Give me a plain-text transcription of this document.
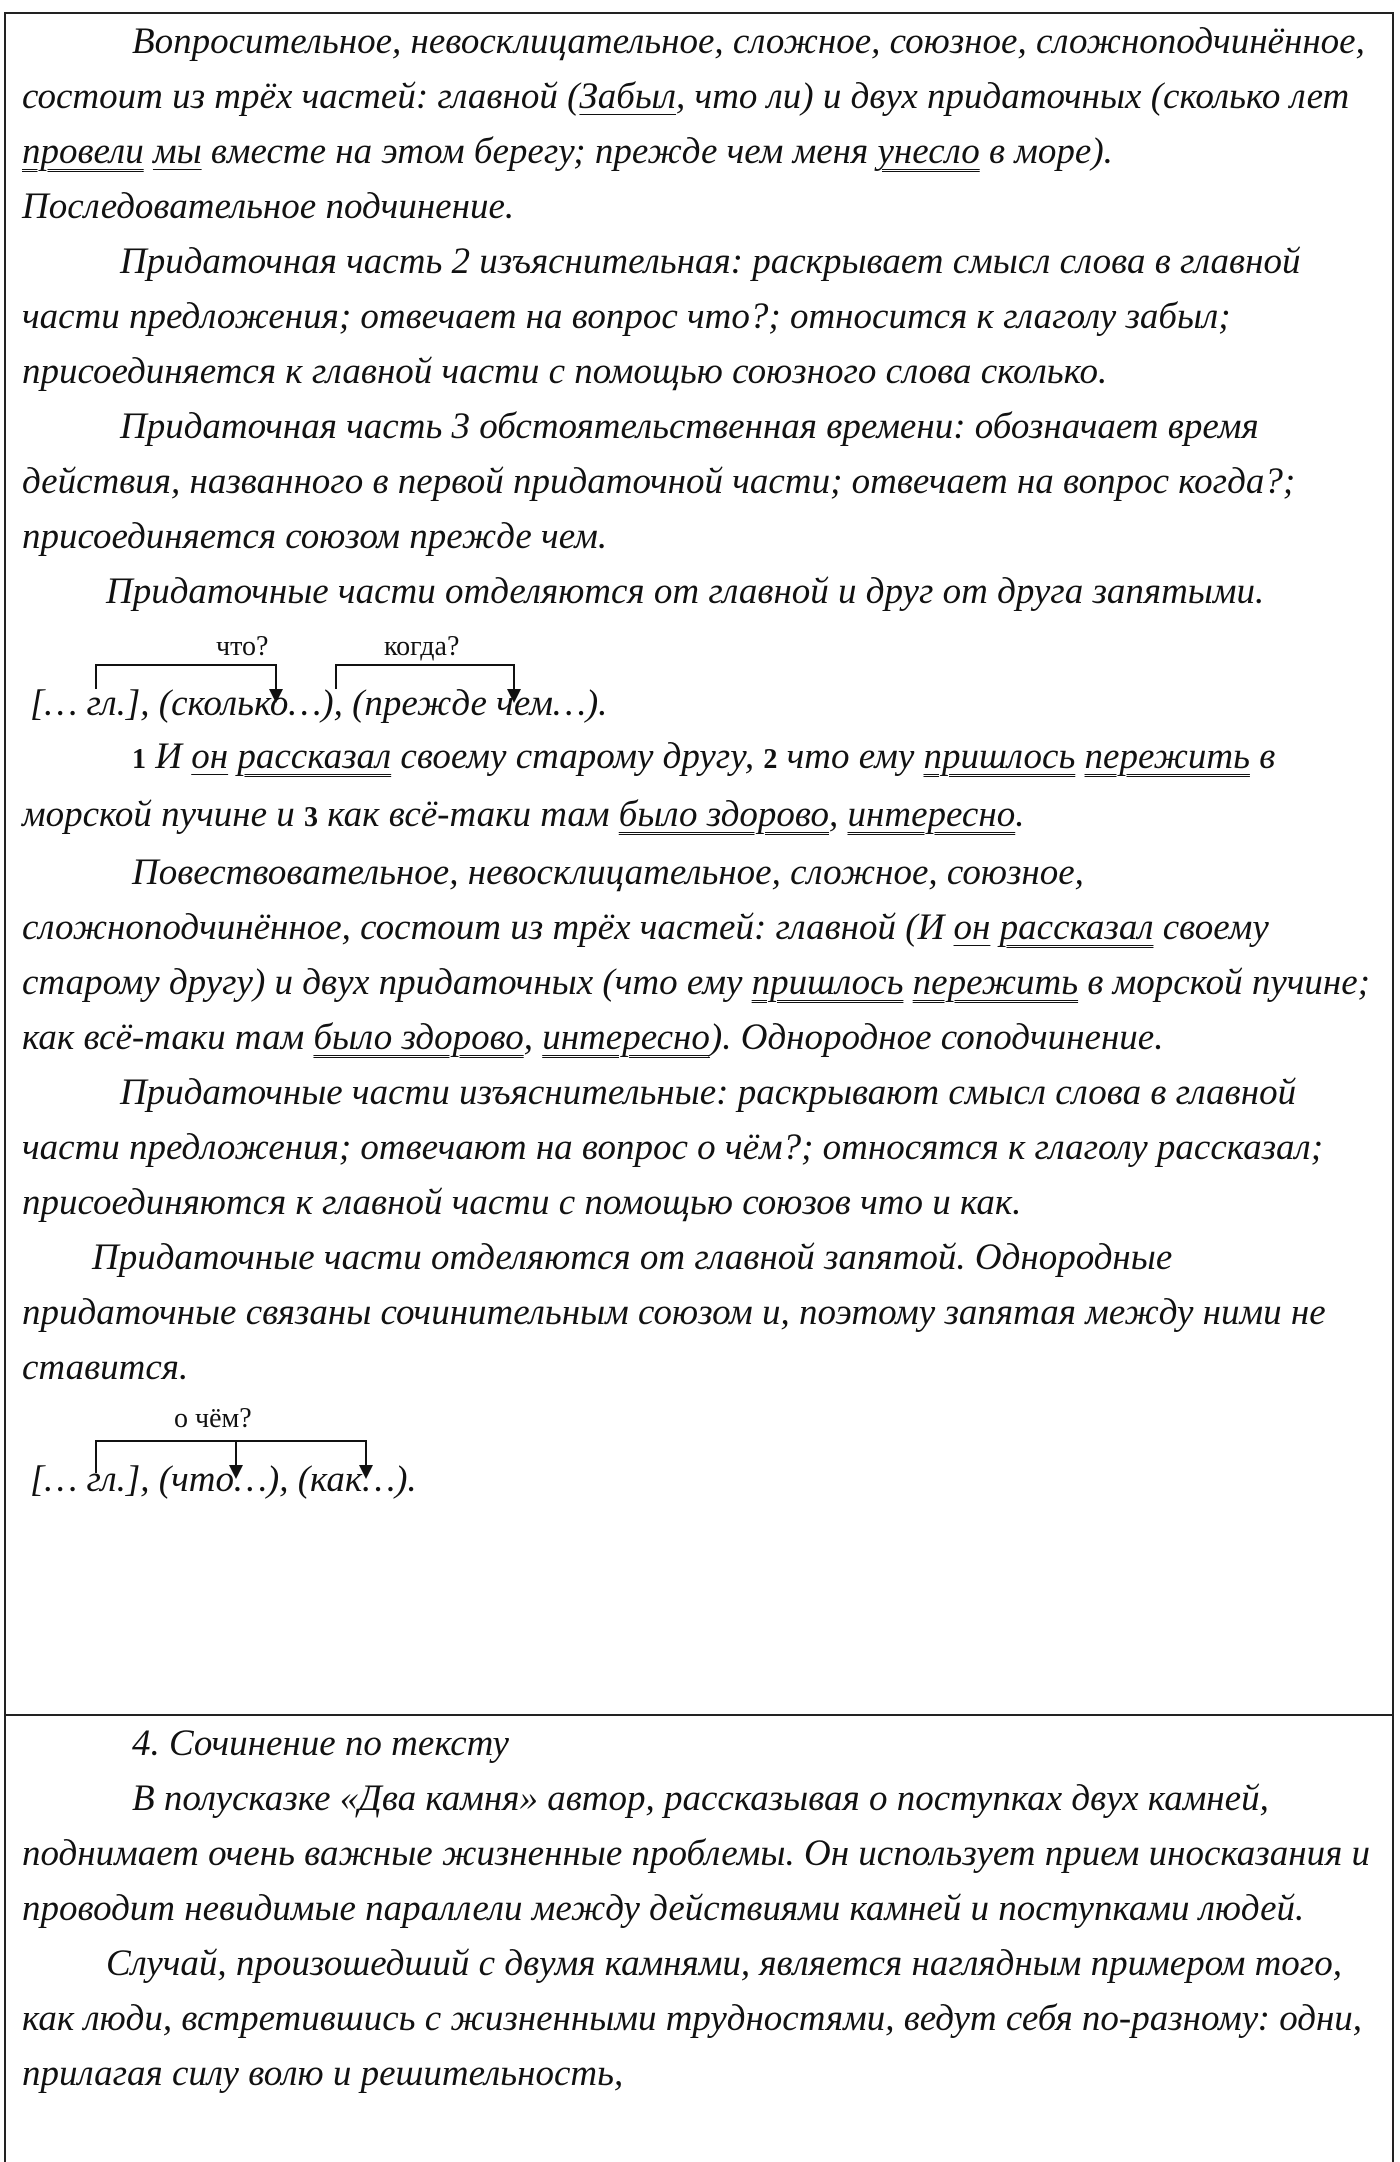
Вопросительное, невосклицательное, сложное, союзное, сложноподчинённое, состоит из трёх частей: главной (Забыл, что ли) и двух придаточных (сколько лет провели мы вместе на этом берегу; прежде чем меня унесло в море). Последовательное подчинение.

Придаточная часть 2 изъяснительная: раскрывает смысл слова в главной части предложения; отвечает на вопрос что?; относится к глаголу забыл; присоединяется к главной части с помощью союзного слова сколько.

Придаточная часть 3 обстоятельственная времени: обозначает время действия, названного в первой придаточной части; отвечает на вопрос когда?; присоединяется союзом прежде чем.

Придаточные части отделяются от главной и друг от друга запятыми.

что?	когда?
[… гл.], (сколько…), (прежде чем…).

1 И он рассказал своему старому другу, 2 что ему пришлось пережить в морской пучине и 3 как всё-таки там было здорово, интересно.

Повествовательное, невосклицательное, сложное, союзное, сложноподчинённое, состоит из трёх частей: главной (И он рассказал своему старому другу) и двух придаточных (что ему пришлось пережить в морской пучине; как всё-таки там было здорово, интересно). Однородное соподчинение.

Придаточные части изъяснительные: раскрывают смысл слова в главной части предложения; отвечают на вопрос о чём?; относятся к глаголу рассказал; присоединяются к главной части с помощью союзов что и как.

Придаточные части отделяются от главной запятой. Однородные придаточные связаны сочинительным союзом и, поэтому запятая между ними не ставится.

о чём?
[… гл.], (что…), (как…).

4. Сочинение по тексту

В полусказке «Два камня» автор, рассказывая о поступках двух камней, поднимает очень важные жизненные проблемы. Он использует прием иносказания и проводит невидимые параллели между действиями камней и поступками людей.

Случай, произошедший с двумя камнями, является наглядным примером того, как люди, встретившись с жизненными трудностями, ведут себя по-разному: одни, прилагая силу волю и решительность,
